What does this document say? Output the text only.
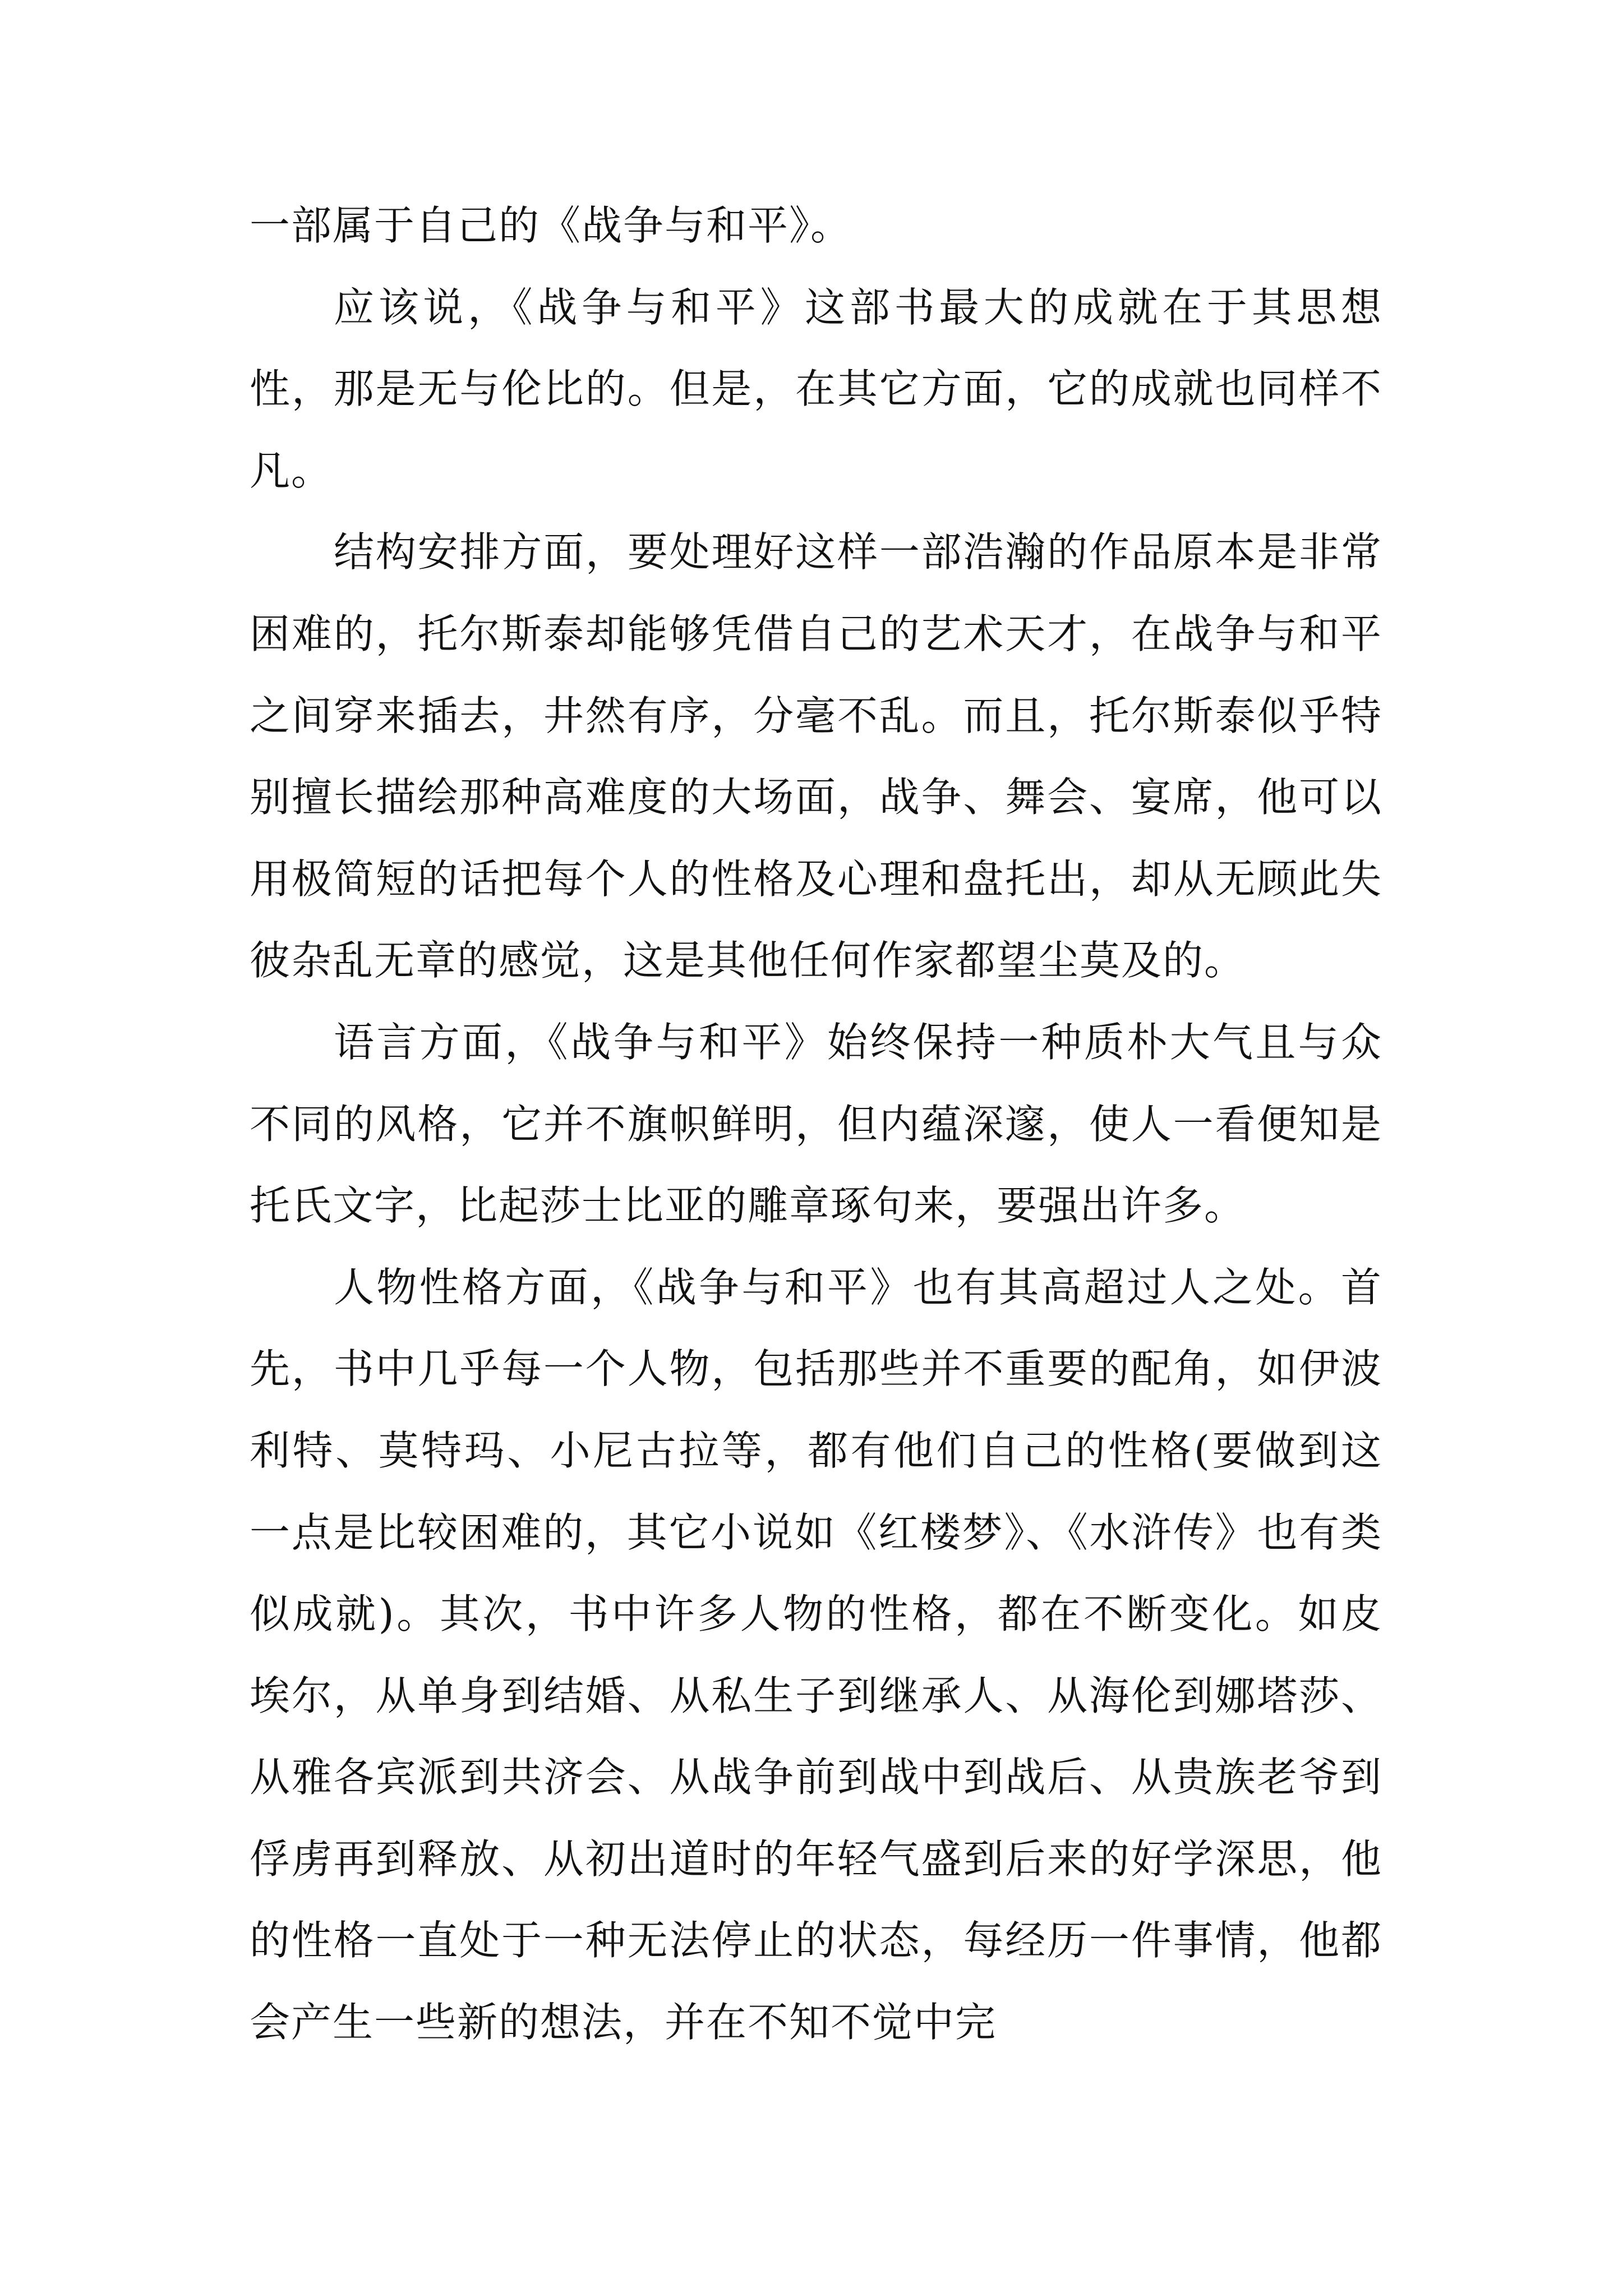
一部属于自己的《战争与和平》。

应该说，《战争与和平》这部书最大的成就在于其思想性，那是无与伦比的。但是，在其它方面，它的成就也同样不凡。

结构安排方面，要处理好这样一部浩瀚的作品原本是非常困难的，托尔斯泰却能够凭借自己的艺术天才，在战争与和平之间穿来插去，井然有序，分毫不乱。而且，托尔斯泰似乎特别擅长描绘那种高难度的大场面，战争、舞会、宴席，他可以用极简短的话把每个人的性格及心理和盘托出，却从无顾此失彼杂乱无章的感觉，这是其他任何作家都望尘莫及的。

语言方面，《战争与和平》始终保持一种质朴大气且与众不同的风格，它并不旗帜鲜明，但内蕴深邃，使人一看便知是托氏文字，比起莎士比亚的雕章琢句来，要强出许多。

人物性格方面，《战争与和平》也有其高超过人之处。首先，书中几乎每一个人物，包括那些并不重要的配角，如伊波利特、莫特玛、小尼古拉等，都有他们自己的性格(要做到这一点是比较困难的，其它小说如《红楼梦》、《水浒传》也有类似成就)。其次，书中许多人物的性格，都在不断变化。如皮埃尔，从单身到结婚、从私生子到继承人、从海伦到娜塔莎、从雅各宾派到共济会、从战争前到战中到战后、从贵族老爷到俘虏再到释放、从初出道时的年轻气盛到后来的好学深思，他的性格一直处于一种无法停止的状态，每经历一件事情，他都会产生一些新的想法，并在不知不觉中完
